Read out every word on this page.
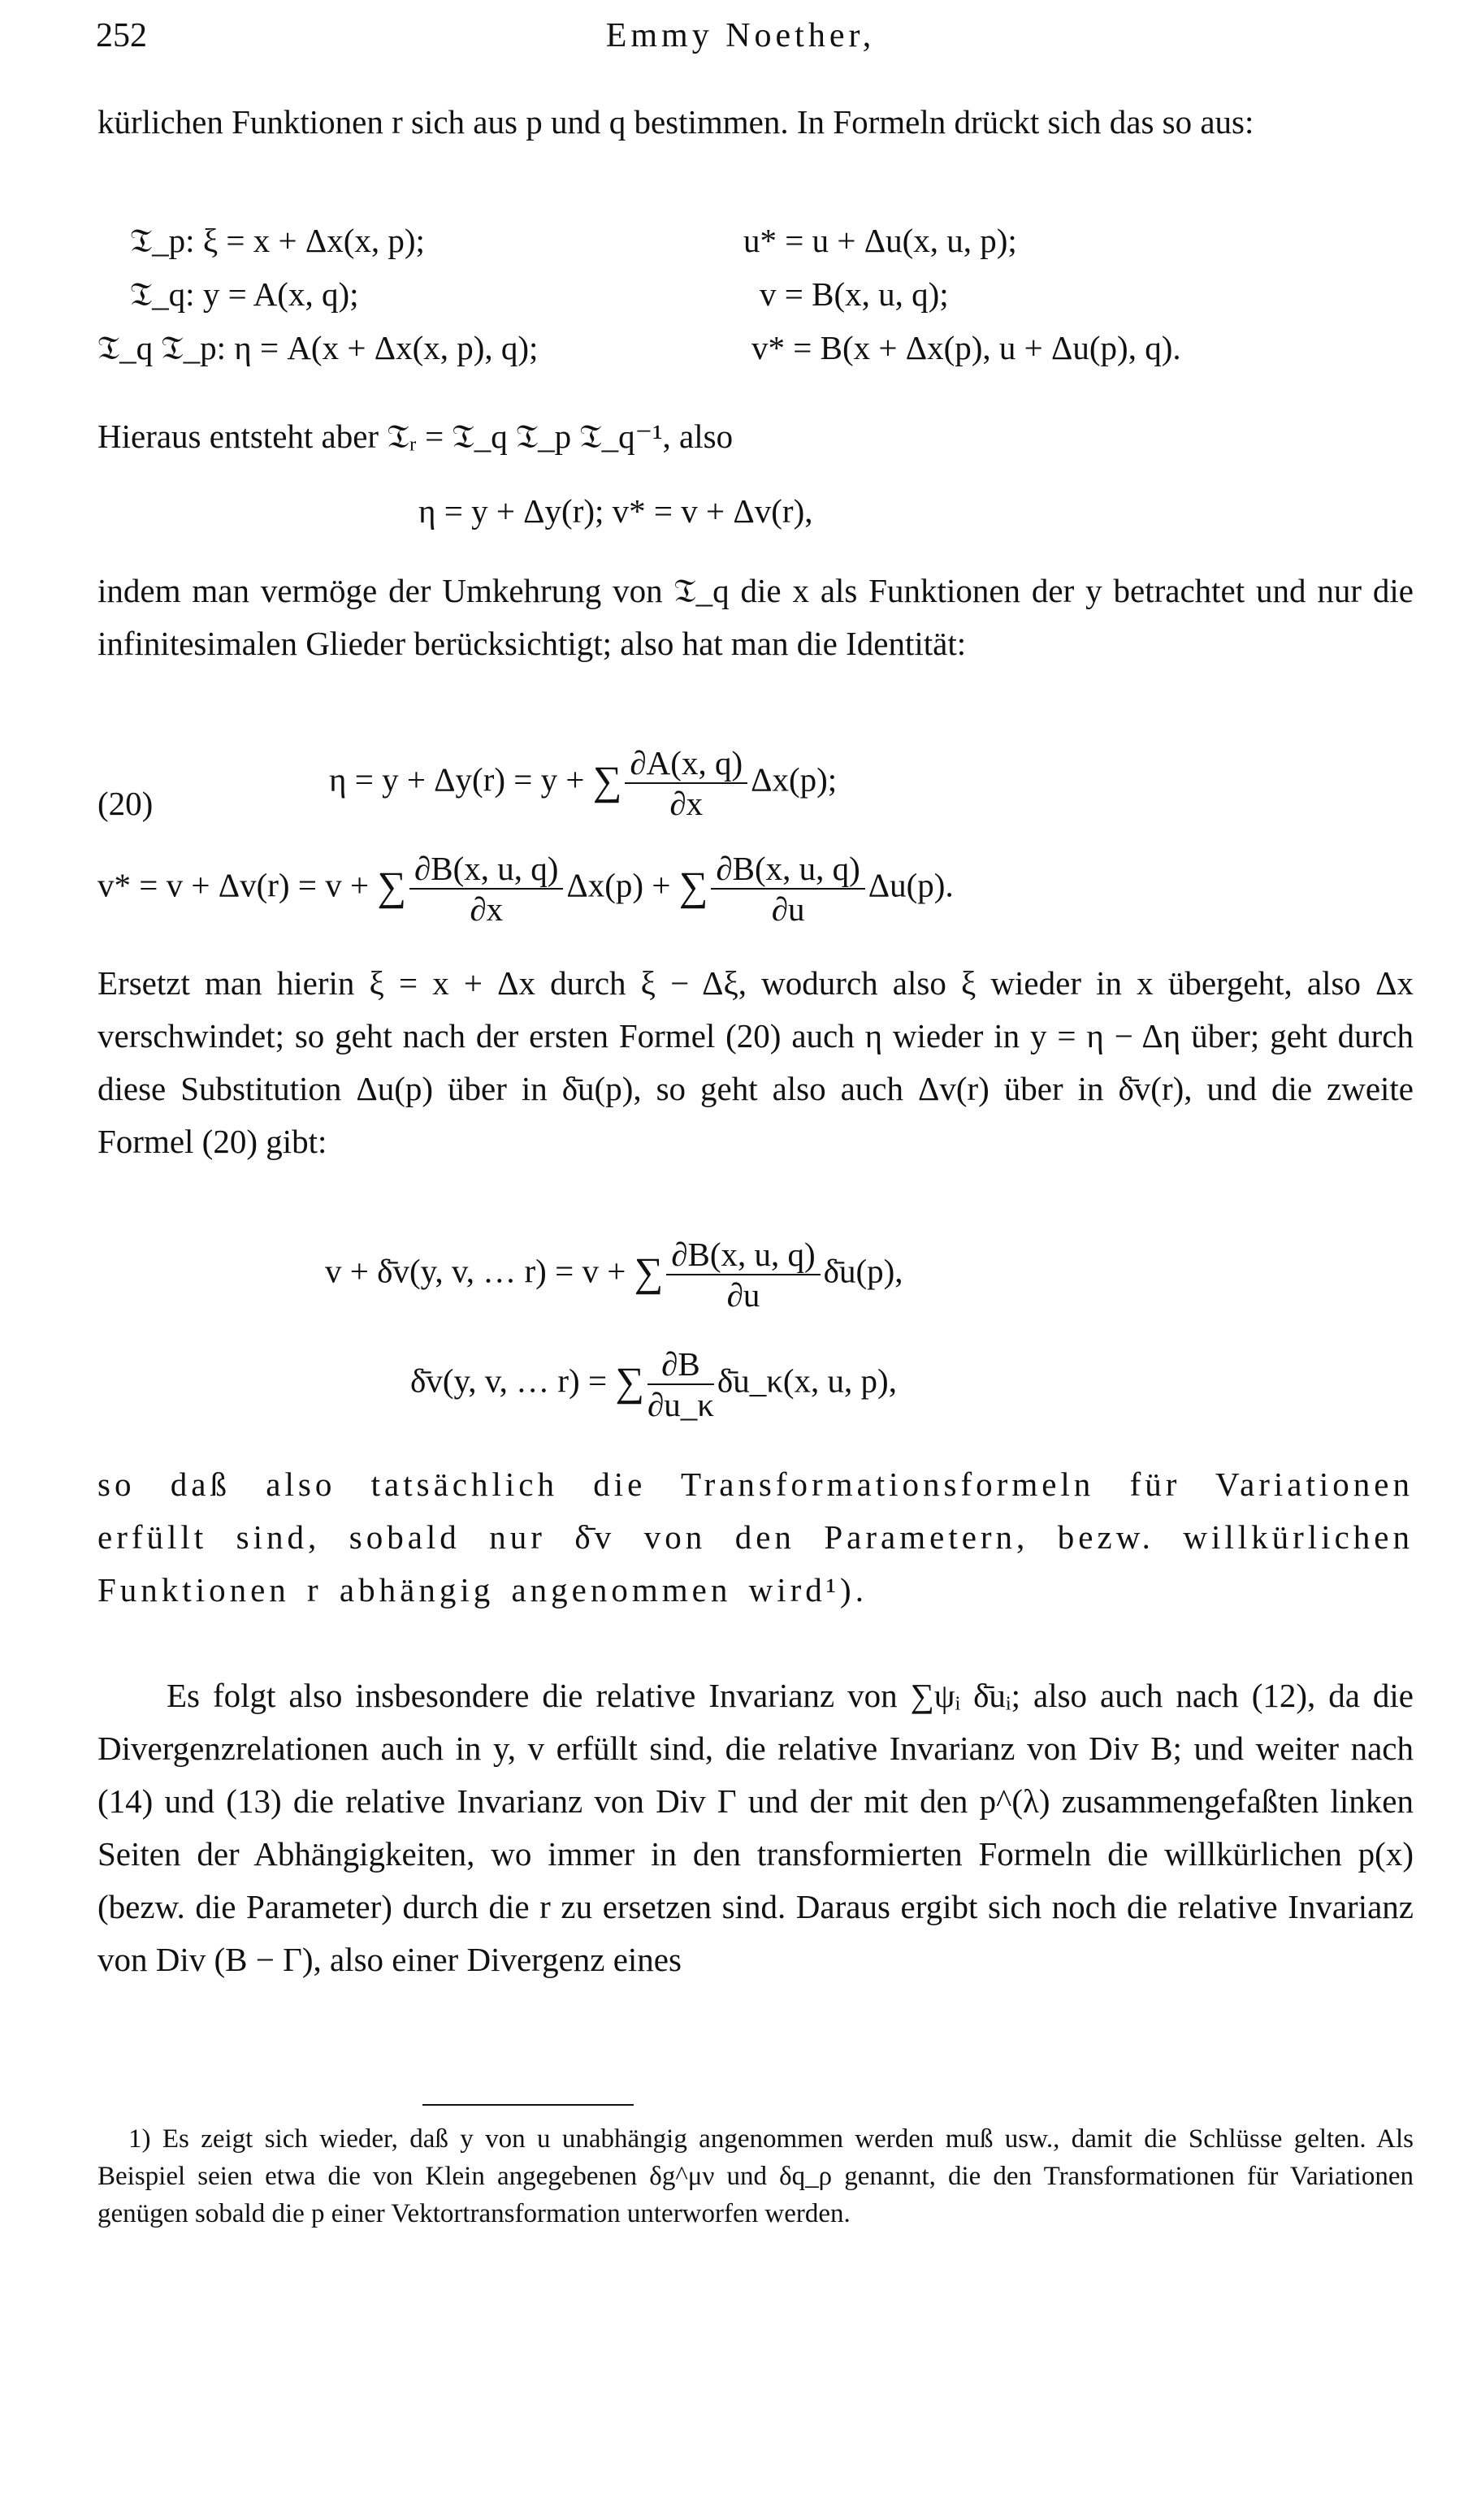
252	Emmy Noether,

kürlichen Funktionen r sich aus p und q bestimmen. In Formeln drückt sich das so aus:

𝔗_p: ξ = x + Δx(x, p);	u* = u + Δu(x, u, p);
𝔗_q: y = A(x, q);	v = B(x, u, q);
𝔗_q 𝔗_p: η = A(x + Δx(x, p), q);	v* = B(x + Δx(p), u + Δu(p), q).

Hieraus entsteht aber 𝔗ᵣ = 𝔗_q 𝔗_p 𝔗_q⁻¹, also

η = y + Δy(r); v* = v + Δv(r),

indem man vermöge der Umkehrung von 𝔗_q die x als Funktionen der y betrachtet und nur die infinitesimalen Glieder berücksichtigt; also hat man die Identität:

(20)
η = y + Δy(r) = y + ∑ $\frac{\partial A(x, q)}{\partial x} \Delta x(p)$;
v* = v + Δv(r) = v + ∑ $\frac{\partial B(x, u, q)}{\partial x} \Delta x(p)$ + ∑ $\frac{\partial B(x, u, q)}{\partial u} \Delta u(p)$.

Ersetzt man hierin ξ = x + Δx durch ξ − Δξ, wodurch also ξ wieder in x übergeht, also Δx verschwindet; so geht nach der ersten Formel (20) auch η wieder in y = η − Δη über; geht durch diese Substitution Δu(p) über in δ̄u(p), so geht also auch Δv(r) über in δ̄v(r), und die zweite Formel (20) gibt:

v + δ̄v(y, v, … r) = v + ∑ $\frac{\partial B(x, u, q)}{\partial u}$ δ̄u(p),
δ̄v(y, v, … r) = ∑ $\frac{\partial B}{\partial u\_\kappa}$ δ̄u_κ(x, u, p),

so daß also tatsächlich die Transformationsformeln für Variationen erfüllt sind, sobald nur δ̄v von den Parametern, bezw. willkürlichen Funktionen r abhängig angenommen wird¹).

Es folgt also insbesondere die relative Invarianz von ∑ψᵢ δ̄uᵢ; also auch nach (12), da die Divergenzrelationen auch in y, v erfüllt sind, die relative Invarianz von Div B; und weiter nach (14) und (13) die relative Invarianz von Div Γ und der mit den p^(λ) zusammengefaßten linken Seiten der Abhängigkeiten, wo immer in den transformierten Formeln die willkürlichen p(x) (bezw. die Parameter) durch die r zu ersetzen sind. Daraus ergibt sich noch die relative Invarianz von Div (B − Γ), also einer Divergenz eines

1) Es zeigt sich wieder, daß y von u unabhängig angenommen werden muß usw., damit die Schlüsse gelten. Als Beispiel seien etwa die von Klein angegebenen δg^μν und δq_ρ genannt, die den Transformationen für Variationen genügen sobald die p einer Vektortransformation unterworfen werden.
